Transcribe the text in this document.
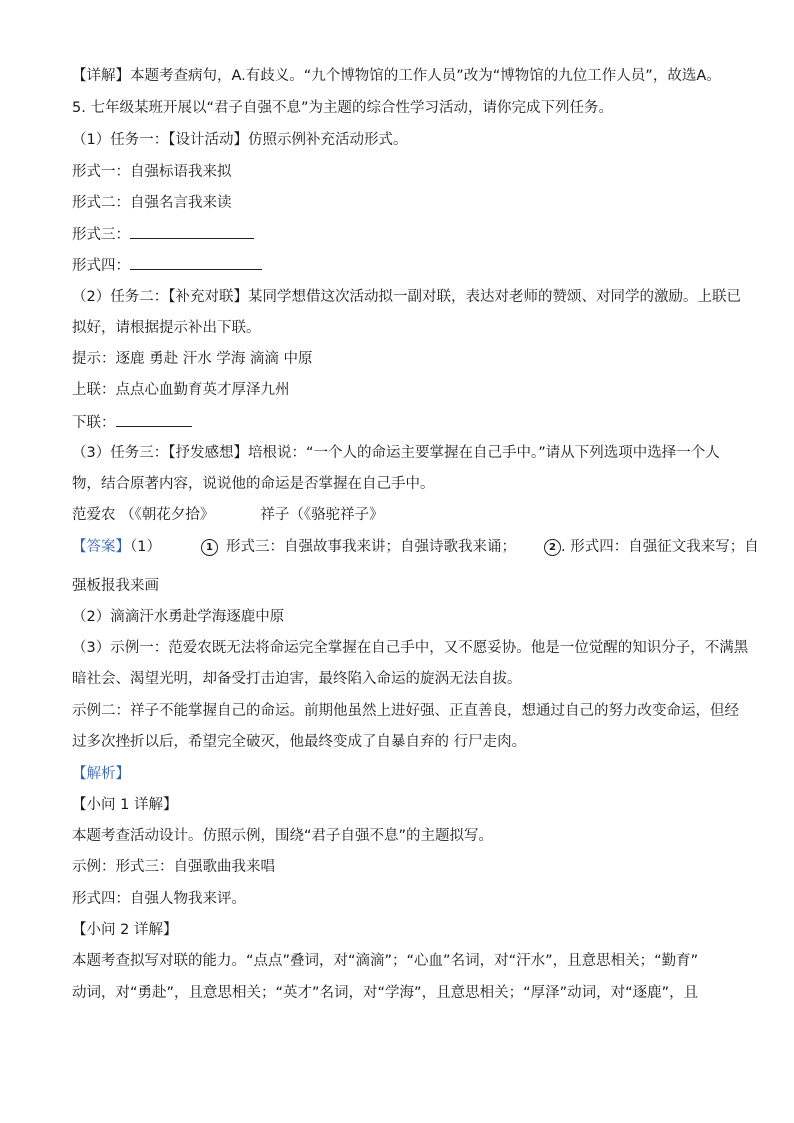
【详解】本题考查病句，A.有歧义。“九个博物馆的工作人员”改为“博物馆的九位工作人员”，故选A。
5. 七年级某班开展以“君子自强不息”为主题的综合性学习活动，请你完成下列任务。
（1）任务一：【设计活动】仿照示例补充活动形式。
形式一：自强标语我来拟
形式二：自强名言我来读
形式三：
形式四：
（2）任务二：【补充对联】某同学想借这次活动拟一副对联，表达对老师的赞颂、对同学的激励。上联已
拟好，请根据提示补出下联。
提示：逐鹿 勇赴 汗水 学海 滴滴 中原
上联：点点心血勤育英才厚泽九州
下联：
（3）任务三：【抒发感想】培根说：“一个人的命运主要掌握在自己手中。”请从下列选项中选择一个人
物，结合原著内容，说说他的命运是否掌握在自己手中。
范爱农 （《朝花夕拾》	祥子（《骆驼祥子》
【答案】（1）	1 形式三：自强故事我来讲；自强诗歌我来诵；	2 . 形式四：自强征文我来写；自
强板报我来画
（2）滴滴汗水勇赴学海逐鹿中原
（3）示例一：范爱农既无法将命运完全掌握在自己手中，又不愿妥协。他是一位觉醒的知识分子，不满黑
暗社会、渴望光明，却备受打击迫害，最终陷入命运的旋涡无法自拔。
示例二：祥子不能掌握自己的命运。前期他虽然上进好强、正直善良，想通过自己的努力改变命运，但经
过多次挫折以后，希望完全破灭，他最终变成了自暴自弃的 行尸走肉。
【解析】
【小问 1 详解】
本题考查活动设计。仿照示例，围绕“君子自强不息”的主题拟写。
示例：形式三：自强歌曲我来唱
形式四：自强人物我来评。
【小问 2 详解】
本题考查拟写对联的能力。“点点”叠词，对“滴滴”；“心血”名词，对“汗水”，且意思相关；“勤育”
动词，对“勇赴”，且意思相关；“英才”名词，对“学海”，且意思相关；“厚泽”动词，对“逐鹿”，且
